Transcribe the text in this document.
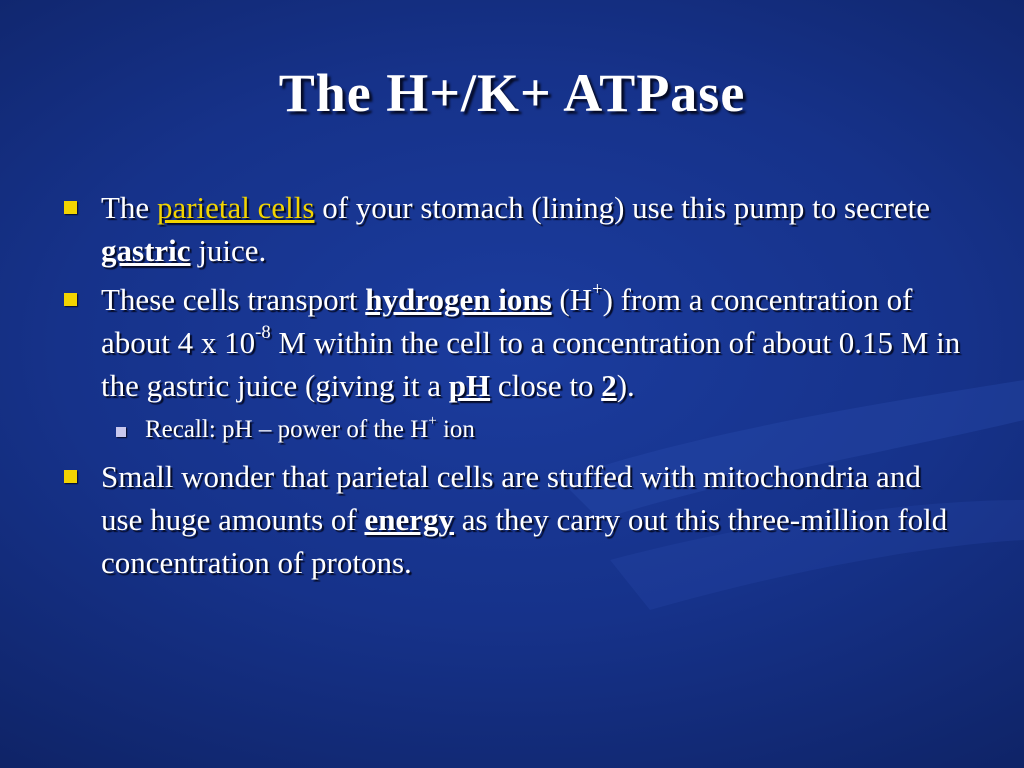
The H+/K+ ATPase
The parietal cells of your stomach (lining) use this pump to secrete gastric juice.
These cells transport hydrogen ions (H+) from a concentration of about 4 x $10^{-8}$ M within the cell to a concentration of about 0.15 M in the gastric juice (giving it a pH close to 2).
Recall: pH – power of the H+ ion
Small wonder that parietal cells are stuffed with mitochondria and use huge amounts of energy as they carry out this three-million fold concentration of protons.
